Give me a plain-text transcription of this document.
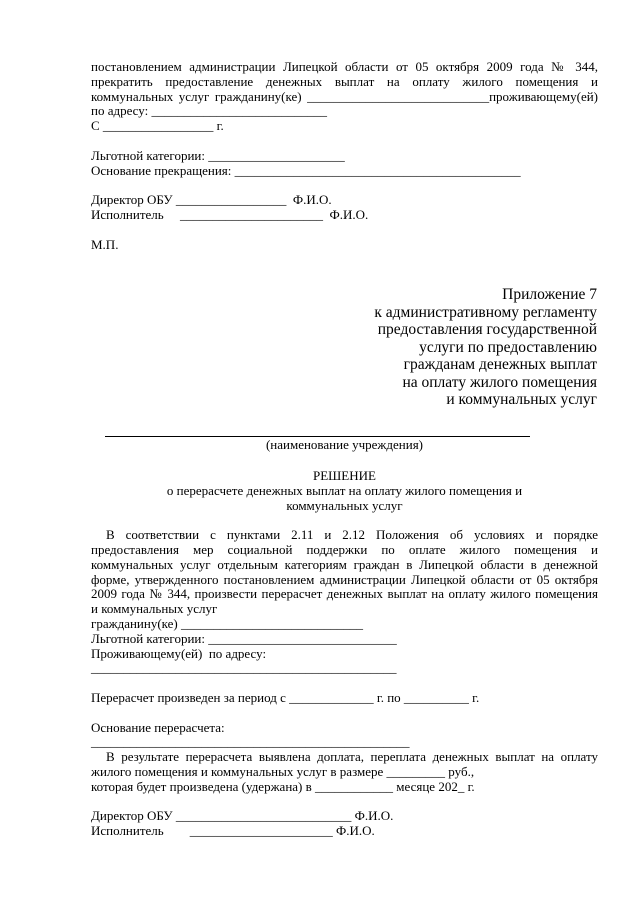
постановлением администрации Липецкой области от 05 октября 2009 года № 344,
прекратить предоставление денежных выплат на оплату жилого помещения и
коммунальных услуг гражданину(ке) ____________________________проживающему(ей)
по адресу: ___________________________
С _________________ г.
Льготной категории: _____________________
Основание прекращения: ____________________________________________
Директор ОБУ _________________  Ф.И.О.
Исполнитель     ______________________  Ф.И.О.
М.П.
Приложение 7
к административному регламенту
предоставления государственной
услуги по предоставлению
гражданам денежных выплат
на оплату жилого помещения
и коммунальных услуг
(наименование учреждения)
РЕШЕНИЕ
о перерасчете денежных выплат на оплату жилого помещения и
коммунальных услуг
В соответствии с пунктами 2.11 и 2.12 Положения об условиях и порядке
предоставления мер социальной поддержки по оплате жилого помещения и
коммунальных услуг отдельным категориям граждан в Липецкой области в денежной
форме, утвержденного постановлением администрации Липецкой области от 05 октября
2009 года № 344, произвести перерасчет денежных выплат на оплату жилого помещения
и коммунальных услуг
гражданину(ке) ____________________________
Льготной категории: _____________________________
Проживающему(ей)  по адресу:
_______________________________________________
Перерасчет произведен за период с _____________ г. по __________ г.
Основание перерасчета:
_________________________________________________
В результате перерасчета выявлена доплата, переплата денежных выплат на оплату
жилого помещения и коммунальных услуг в размере _________ руб.,
которая будет произведена (удержана) в ____________ месяце 202_ г.
Директор ОБУ ___________________________ Ф.И.О.
Исполнитель        ______________________ Ф.И.О.
